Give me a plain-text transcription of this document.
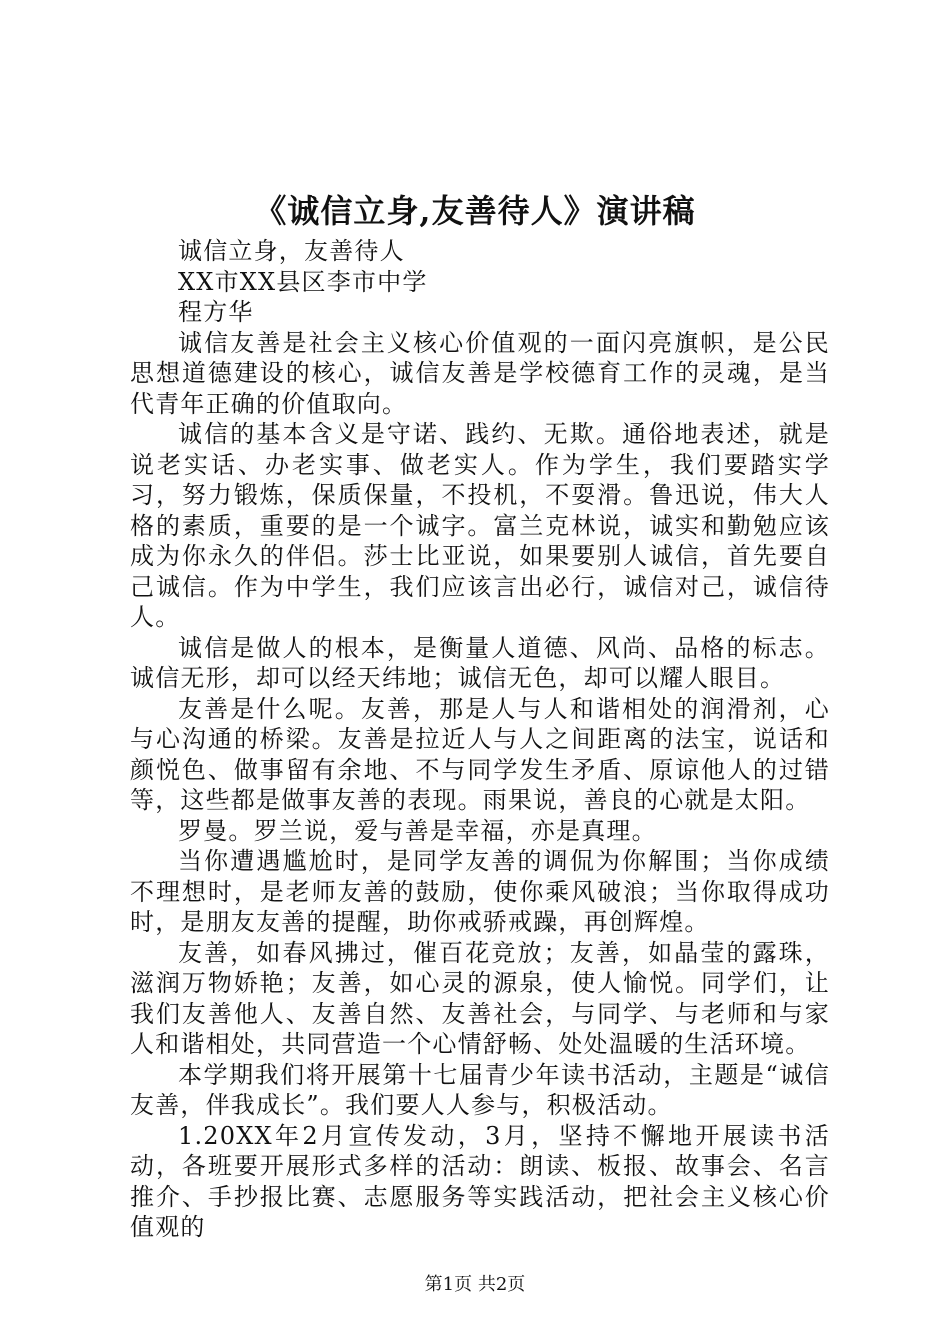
《诚信立身,友善待人》演讲稿

诚信立身，友善待人

XX市XX县区李市中学

程方华

诚信友善是社会主义核心价值观的一面闪亮旗帜，是公民思想道德建设的核心，诚信友善是学校德育工作的灵魂，是当代青年正确的价值取向。

诚信的基本含义是守诺、践约、无欺。通俗地表述，就是说老实话、办老实事、做老实人。作为学生，我们要踏实学习，努力锻炼，保质保量，不投机，不耍滑。鲁迅说，伟大人格的素质，重要的是一个诚字。富兰克林说，诚实和勤勉应该成为你永久的伴侣。莎士比亚说，如果要别人诚信，首先要自己诚信。作为中学生，我们应该言出必行，诚信对己，诚信待人。

诚信是做人的根本，是衡量人道德、风尚、品格的标志。诚信无形，却可以经天纬地；诚信无色，却可以耀人眼目。

友善是什么呢。友善，那是人与人和谐相处的润滑剂，心与心沟通的桥梁。友善是拉近人与人之间距离的法宝，说话和颜悦色、做事留有余地、不与同学发生矛盾、原谅他人的过错等，这些都是做事友善的表现。雨果说，善良的心就是太阳。

罗曼。罗兰说，爱与善是幸福，亦是真理。

当你遭遇尴尬时，是同学友善的调侃为你解围；当你成绩不理想时，是老师友善的鼓励，使你乘风破浪；当你取得成功时，是朋友友善的提醒，助你戒骄戒躁，再创辉煌。

友善，如春风拂过，催百花竞放；友善，如晶莹的露珠，滋润万物娇艳；友善，如心灵的源泉，使人愉悦。同学们，让我们友善他人、友善自然、友善社会，与同学、与老师和与家人和谐相处，共同营造一个心情舒畅、处处温暖的生活环境。

本学期我们将开展第十七届青少年读书活动，主题是“诚信友善，伴我成长”。我们要人人参与，积极活动。

1.20XX年2月宣传发动，3月，坚持不懈地开展读书活动，各班要开展形式多样的活动：朗读、板报、故事会、名言推介、手抄报比赛、志愿服务等实践活动，把社会主义核心价值观的

第1页 共2页
